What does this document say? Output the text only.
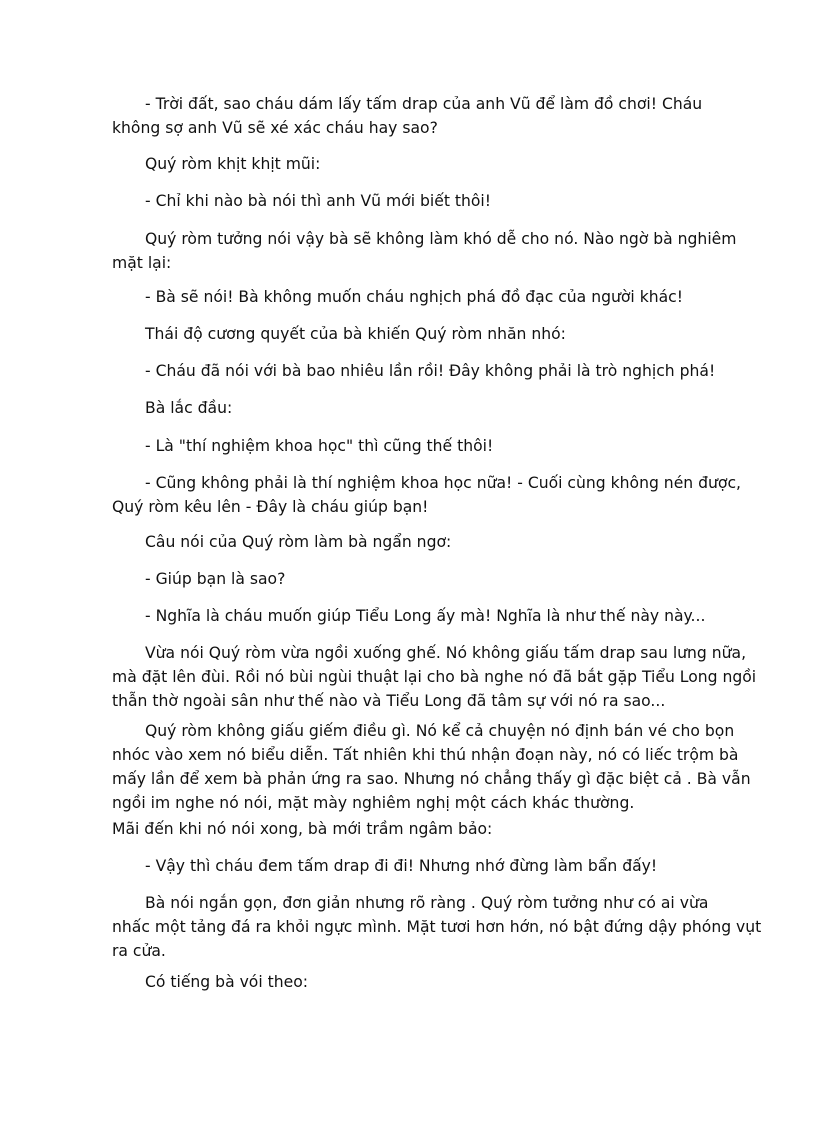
- Trời đất, sao cháu dám lấy tấm drap của anh Vũ để làm đồ chơi! Cháu
không sợ anh Vũ sẽ xé xác cháu hay sao?

Quý ròm khịt khịt mũi:

- Chỉ khi nào bà nói thì anh Vũ mới biết thôi!

Quý ròm tưởng nói vậy bà sẽ không làm khó dễ cho nó. Nào ngờ bà nghiêm
mặt lại:

- Bà sẽ nói! Bà không muốn cháu nghịch phá đồ đạc của người khác!

Thái độ cương quyết của bà khiến Quý ròm nhăn nhó:

- Cháu đã nói với bà bao nhiêu lần rồi! Đây không phải là trò nghịch phá!

Bà lắc đầu:

- Là "thí nghiệm khoa học" thì cũng thế thôi!

- Cũng không phải là thí nghiệm khoa học nữa! - Cuối cùng không nén được,
Quý ròm kêu lên - Đây là cháu giúp bạn!

Câu nói của Quý ròm làm bà ngẩn ngơ:

- Giúp bạn là sao?

- Nghĩa là cháu muốn giúp Tiểu Long ấy mà! Nghĩa là như thế này này...

Vừa nói Quý ròm vừa ngồi xuống ghế. Nó không giấu tấm drap sau lưng nữa,
mà đặt lên đùi. Rồi nó bùi ngùi thuật lại cho bà nghe nó đã bắt gặp Tiểu Long ngồi
thẫn thờ ngoài sân như thế nào và Tiểu Long đã tâm sự với nó ra sao...

Quý ròm không giấu giếm điều gì. Nó kể cả chuyện nó định bán vé cho bọn
nhóc vào xem nó biểu diễn. Tất nhiên khi thú nhận đoạn này, nó có liếc trộm bà
mấy lần để xem bà phản ứng ra sao. Nhưng nó chẳng thấy gì đặc biệt cả . Bà vẫn
ngồi im nghe nó nói, mặt mày nghiêm nghị một cách khác thường.

Mãi đến khi nó nói xong, bà mới trầm ngâm bảo:

- Vậy thì cháu đem tấm drap đi đi! Nhưng nhớ đừng làm bẩn đấy!

Bà nói ngắn gọn, đơn giản nhưng rõ ràng . Quý ròm tưởng như có ai vừa
nhấc một tảng đá ra khỏi ngực mình. Mặt tươi hơn hớn, nó bật đứng dậy phóng vụt
ra cửa.

Có tiếng bà vói theo:
